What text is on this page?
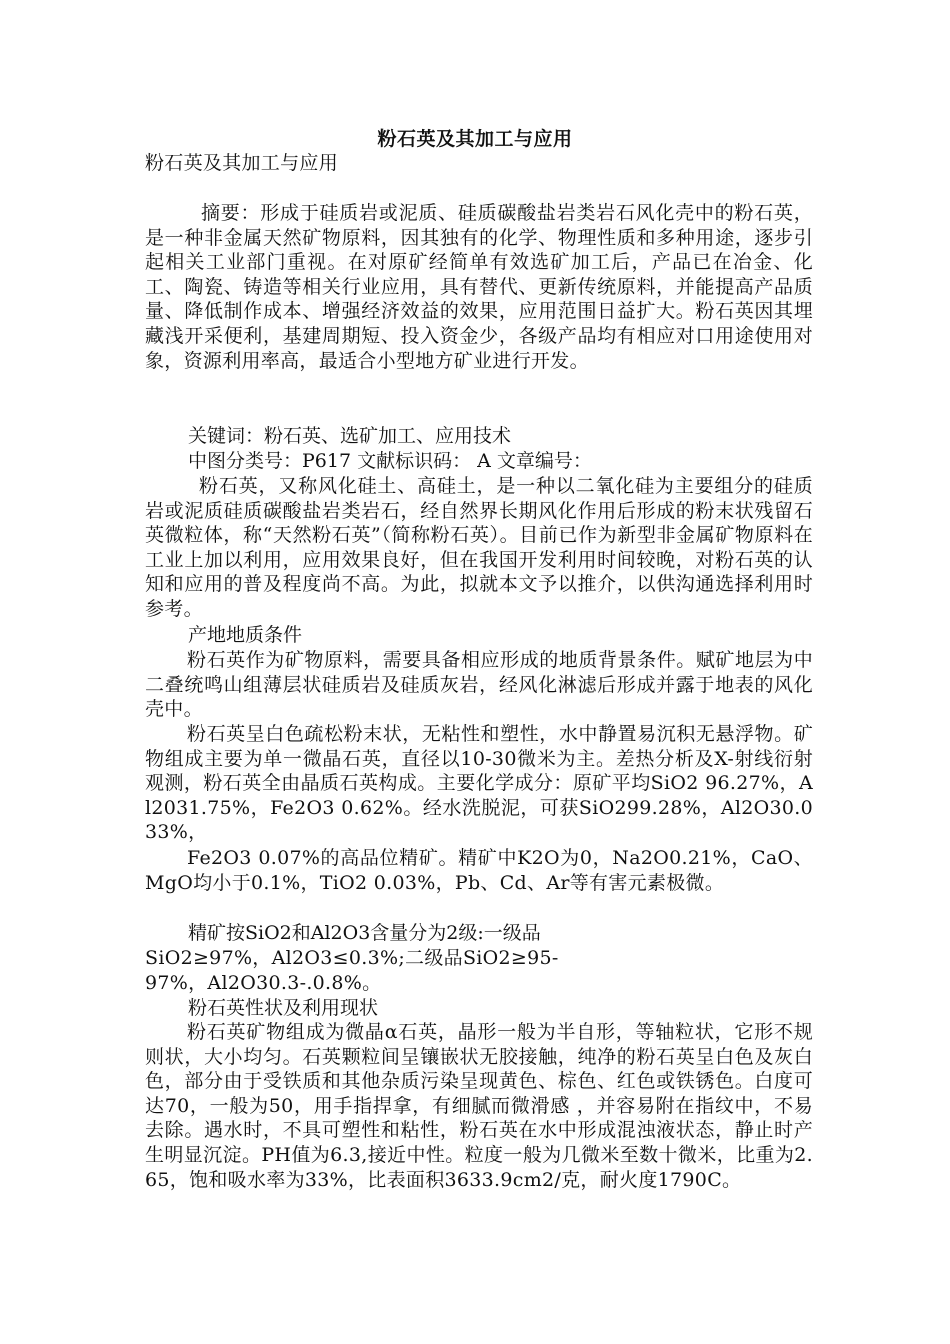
粉石英及其加工与应用
粉石英及其加工与应用
摘要：形成于硅质岩或泥质、硅质碳酸盐岩类岩石风化壳中的粉石英，是一种非金属天然矿物原料，因其独有的化学、物理性质和多种用途，逐步引起相关工业部门重视。在对原矿经简单有效选矿加工后，产品已在冶金、化工、陶瓷、铸造等相关行业应用，具有替代、更新传统原料，并能提高产品质量、降低制作成本、增强经济效益的效果，应用范围日益扩大。粉石英因其埋藏浅开采便利，基建周期短、投入资金少，各级产品均有相应对口用途使用对象，资源利用率高，最适合小型地方矿业进行开发。
关键词：粉石英、选矿加工、应用技术
中图分类号：P617 文献标识码： A 文章编号：
粉石英，又称风化硅土、高硅土，是一种以二氧化硅为主要组分的硅质岩或泥质硅质碳酸盐岩类岩石，经自然界长期风化作用后形成的粉末状残留石英微粒体，称“天然粉石英”（简称粉石英）。目前已作为新型非金属矿物原料在工业上加以利用，应用效果良好，但在我国开发利用时间较晚，对粉石英的认知和应用的普及程度尚不高。为此，拟就本文予以推介，以供沟通选择利用时参考。
产地地质条件
粉石英作为矿物原料，需要具备相应形成的地质背景条件。赋矿地层为中二叠统鸣山组薄层状硅质岩及硅质灰岩，经风化淋滤后形成并露于地表的风化壳中。
粉石英呈白色疏松粉末状，无粘性和塑性，水中静置易沉积无悬浮物。矿物组成主要为单一微晶石英，直径以10-30微米为主。差热分析及X-射线衍射观测，粉石英全由晶质石英构成。主要化学成分：原矿平均SiO2 96.27%，Al2031.75%，Fe2O3 0.62%。经水洗脱泥，可获SiO299.28%，Al2O30.033%，
Fe2O3 0.07%的高品位精矿。精矿中K2O为0，Na2O0.21%，CaO、MgO均小于0.1%，TiO2 0.03%，Pb、Cd、Ar等有害元素极微。
精矿按SiO2和Al2O3含量分为2级:一级品
SiO2≥97%，Al2O3≤0.3%;二级品SiO2≥95-
97%，Al2O30.3-.0.8%。
粉石英性状及利用现状
粉石英矿物组成为微晶α石英，晶形一般为半自形，等轴粒状，它形不规则状，大小均匀。石英颗粒间呈镶嵌状无胶接触，纯净的粉石英呈白色及灰白色，部分由于受铁质和其他杂质污染呈现黄色、棕色、红色或铁锈色。白度可达70，一般为50，用手指捍拿，有细腻而微滑感 ，并容易附在指纹中，不易去除。遇水时，不具可塑性和粘性，粉石英在水中形成混浊液状态，静止时产生明显沉淀。PH值为6.3,接近中性。粒度一般为几微米至数十微米，比重为2.65，饱和吸水率为33%，比表面积3633.9cm2/克，耐火度1790C。
